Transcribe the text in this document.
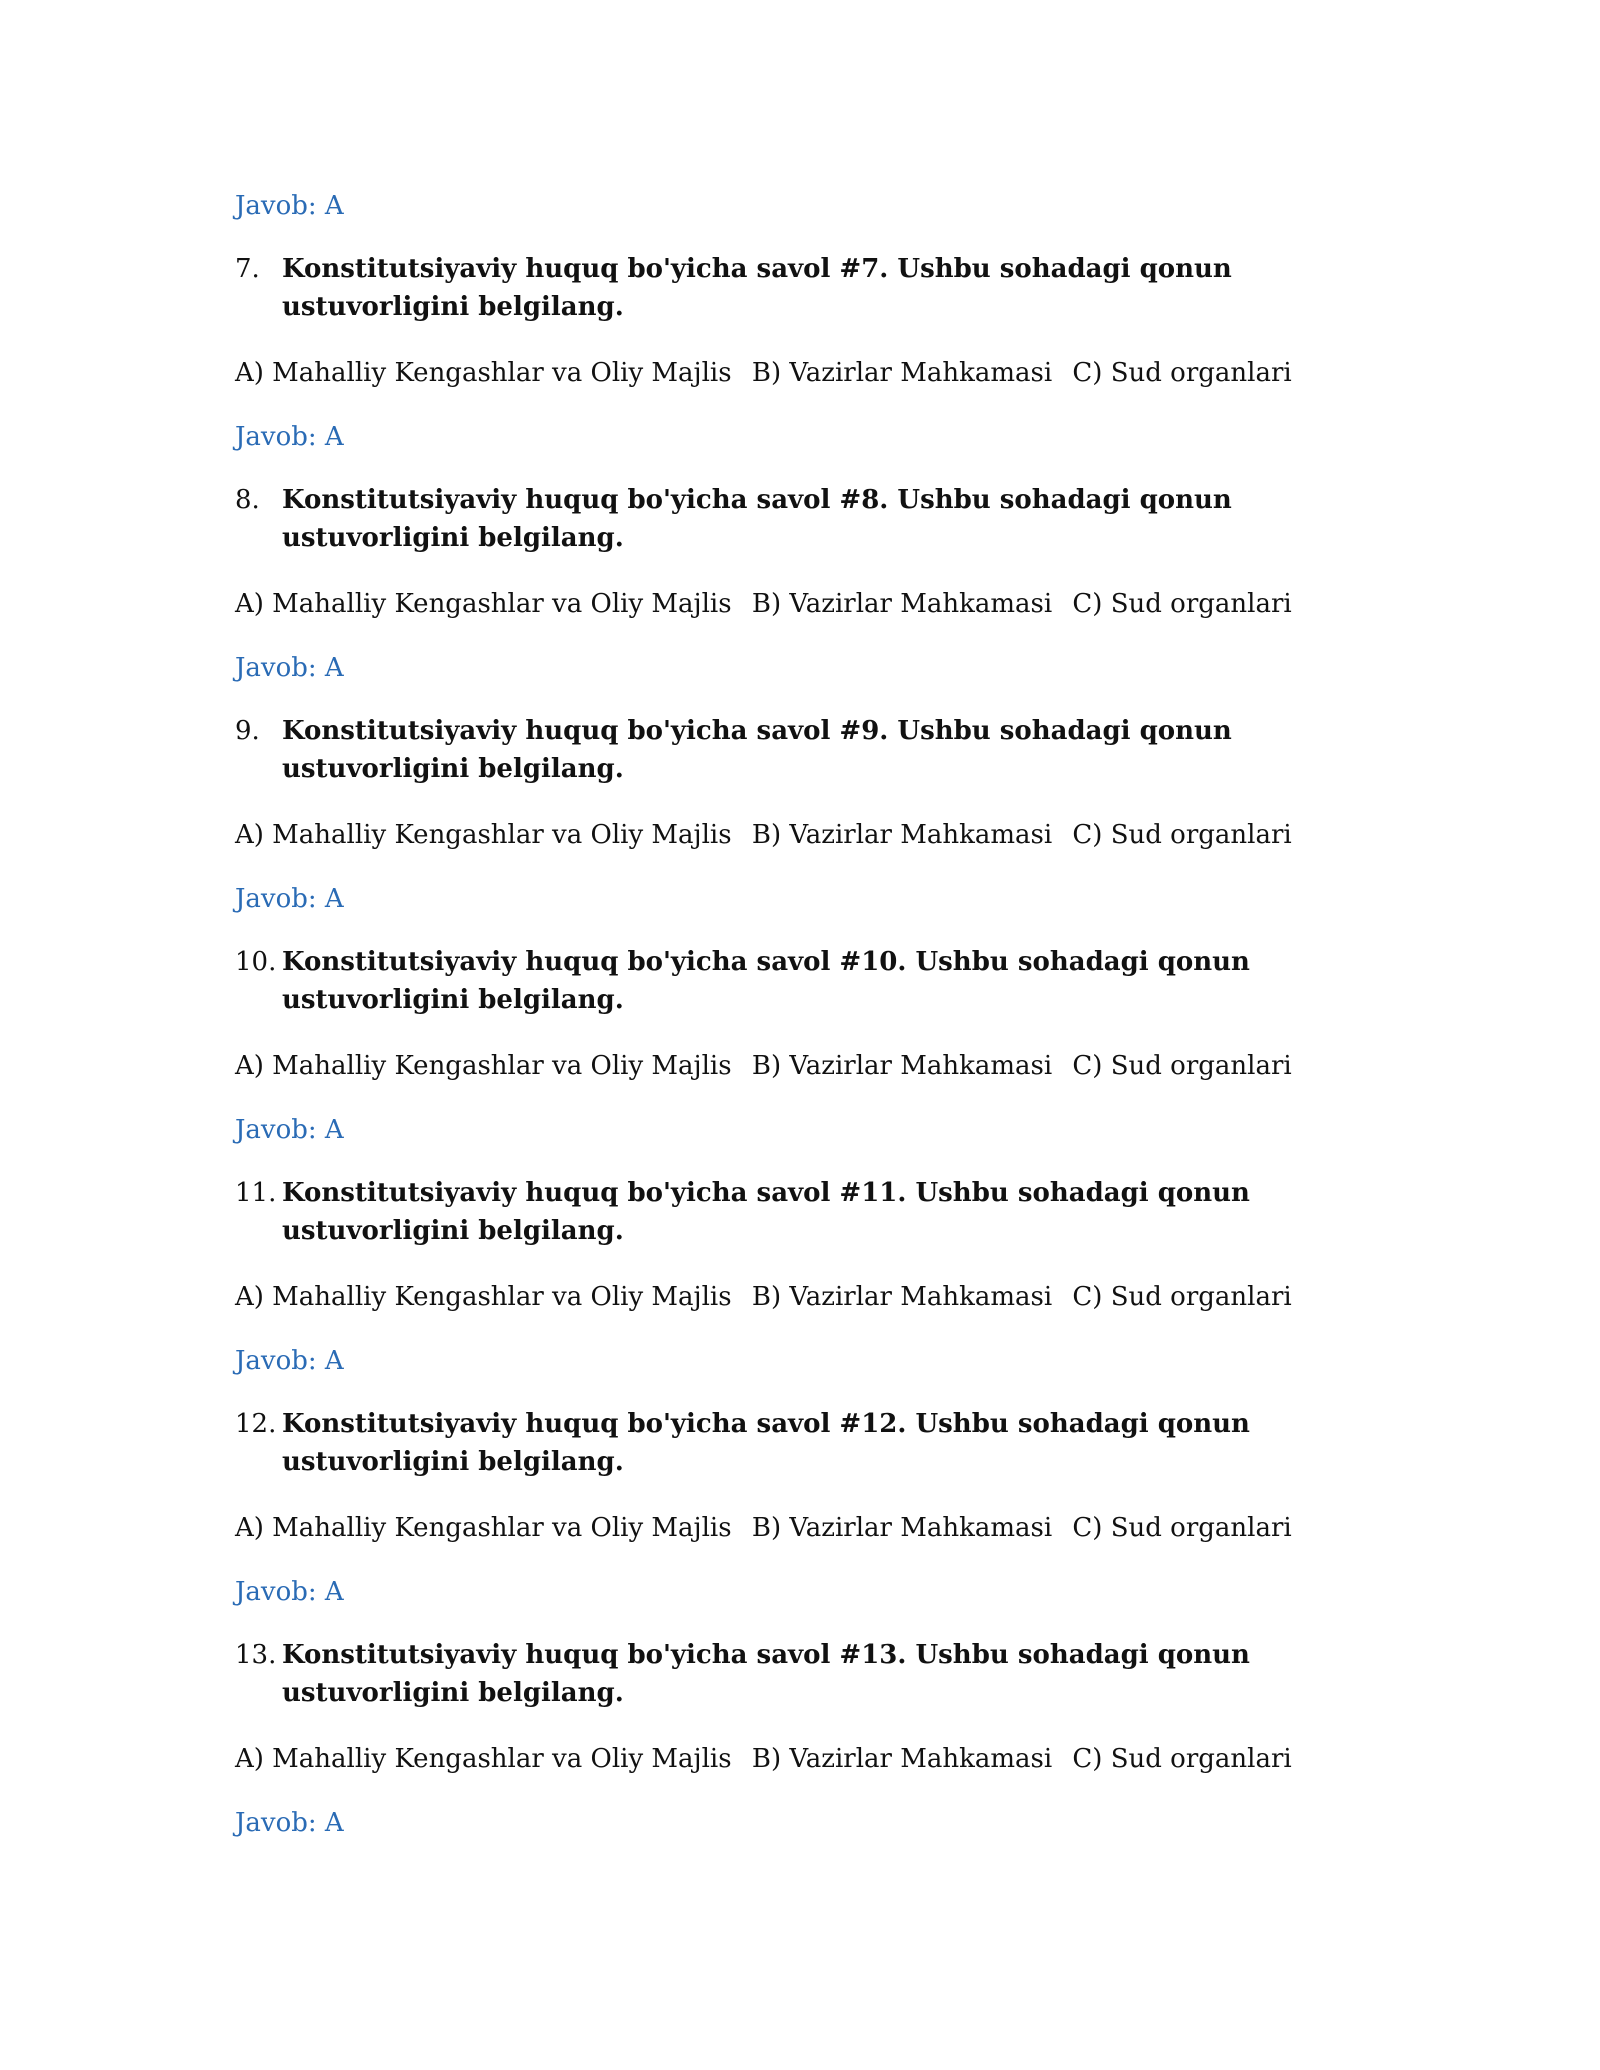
Javob: A
7. Konstitutsiyaviy huquq bo'yicha savol #7. Ushbu sohadagi qonun ustuvorligini belgilang.
A) Mahalliy Kengashlar va Oliy Majlis B) Vazirlar Mahkamasi C) Sud organlari
Javob: A
8. Konstitutsiyaviy huquq bo'yicha savol #8. Ushbu sohadagi qonun ustuvorligini belgilang.
A) Mahalliy Kengashlar va Oliy Majlis B) Vazirlar Mahkamasi C) Sud organlari
Javob: A
9. Konstitutsiyaviy huquq bo'yicha savol #9. Ushbu sohadagi qonun ustuvorligini belgilang.
A) Mahalliy Kengashlar va Oliy Majlis B) Vazirlar Mahkamasi C) Sud organlari
Javob: A
10. Konstitutsiyaviy huquq bo'yicha savol #10. Ushbu sohadagi qonun ustuvorligini belgilang.
A) Mahalliy Kengashlar va Oliy Majlis B) Vazirlar Mahkamasi C) Sud organlari
Javob: A
11. Konstitutsiyaviy huquq bo'yicha savol #11. Ushbu sohadagi qonun ustuvorligini belgilang.
A) Mahalliy Kengashlar va Oliy Majlis B) Vazirlar Mahkamasi C) Sud organlari
Javob: A
12. Konstitutsiyaviy huquq bo'yicha savol #12. Ushbu sohadagi qonun ustuvorligini belgilang.
A) Mahalliy Kengashlar va Oliy Majlis B) Vazirlar Mahkamasi C) Sud organlari
Javob: A
13. Konstitutsiyaviy huquq bo'yicha savol #13. Ushbu sohadagi qonun ustuvorligini belgilang.
A) Mahalliy Kengashlar va Oliy Majlis B) Vazirlar Mahkamasi C) Sud organlari
Javob: A
